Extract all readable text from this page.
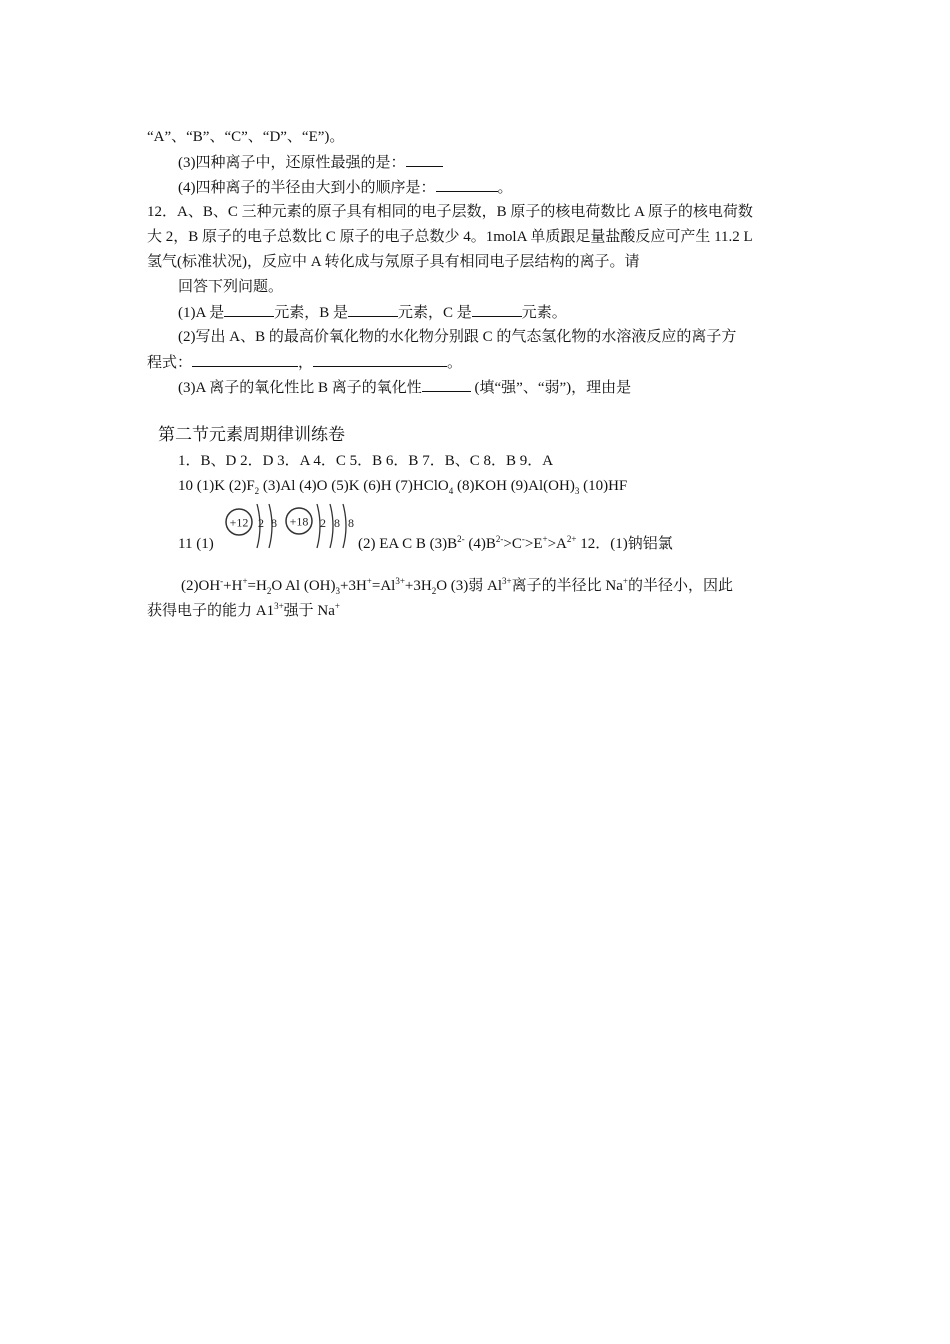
“A”、“B”、“C”、“D”、“E”)。
(3)四种离子中，还原性最强的是：
(4)四种离子的半径由大到小的顺序是：	。
12．A、B、C 三种元素的原子具有相同的电子层数，B 原子的核电荷数比 A 原子的核电荷数
大 2，B 原子的电子总数比 C 原子的电子总数少 4。1molA 单质跟足量盐酸反应可产生 11.2 L
氢气(标准状况)，反应中 A 转化成与氖原子具有相同电子层结构的离子。请
回答下列问题。
(1)A 是	元素，B 是	元素，C 是	元素。
(2)写出 A、B 的最高价氧化物的水化物分别跟 C 的气态氢化物的水溶液反应的离子方
程式：	，	。
(3)A 离子的氧化性比 B 离子的氧化性	(填“强”、“弱”)，理由是
第二节元素周期律训练卷
1．B、D 2．D 3．A 4．C 5．B 6．B 7．B、C 8．B 9．A
10 (1)K $(2)F_2$ (3)Al (4)O (5)K (6)H (7)HClO$_4$ (8)KOH $(9)Al(OH)_3$ (10)HF
11 (1)
+12 2 8 +18 2 8 8
(2) EA C B $(3)B^{2-}$ $(4)B^{2-}>C^->E^+>A^{2+}$ 12．(1)钠铝氯
$(2)OH^-+H^+=H_2O$ Al $(OH)_3+3H^+=Al^{3+}+3H_2O$ (3)弱 $Al^{3+}$离子的半径比 Na+的半径小，因此
获得电子的能力 $A1^{3+}$强于 Na+
